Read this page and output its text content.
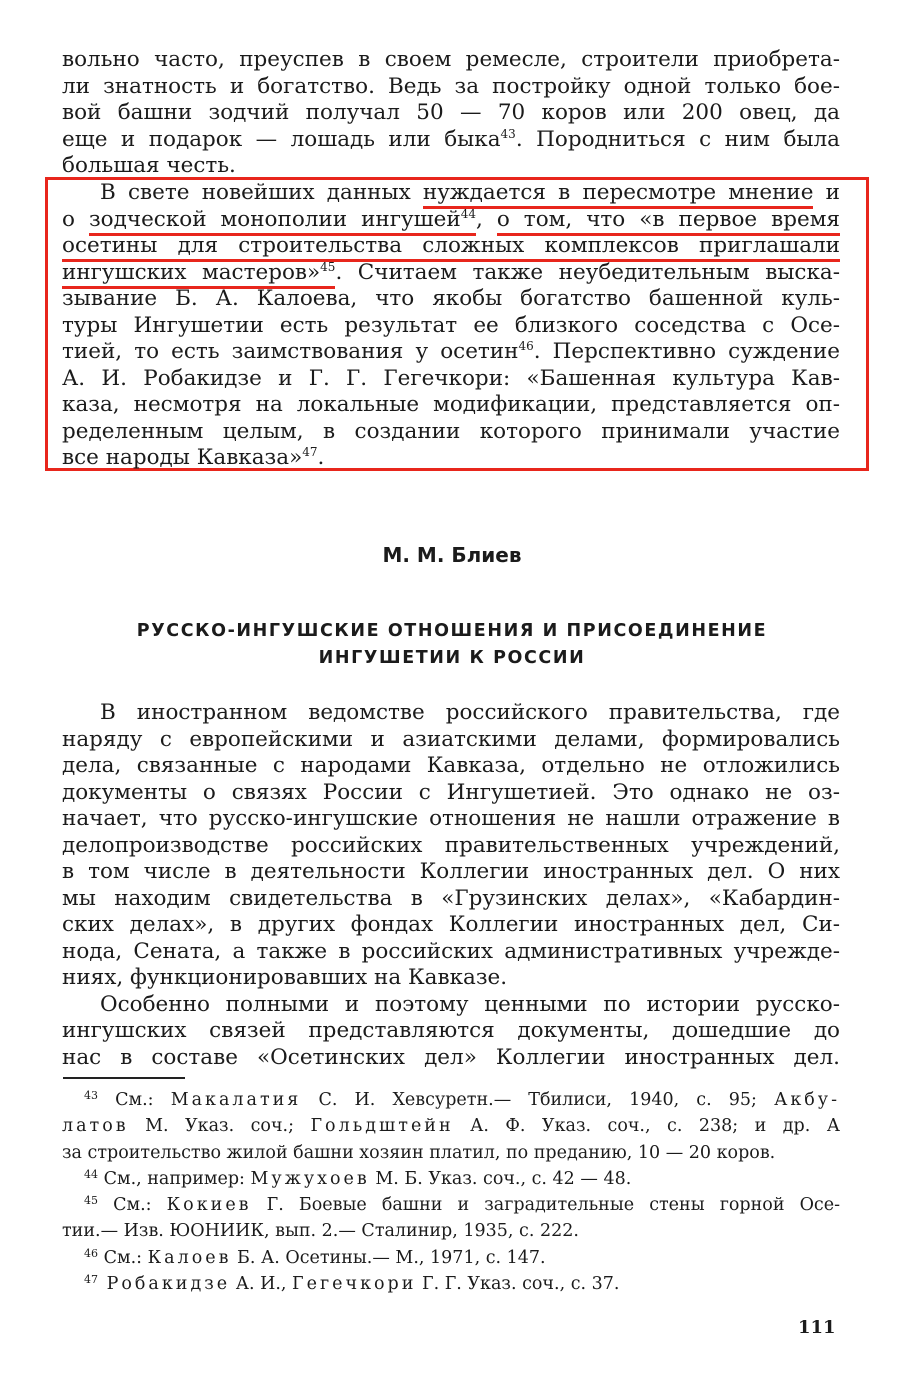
вольно часто, преуспев в своем ремесле, строители приобрета-
ли знатность и богатство. Ведь за постройку одной только бое-
вой башни зодчий получал 50 — 70 коров или 200 овец, да
еще и подарок — лошадь или быка$^{43}$. Породниться с ним была
большая честь.
В свете новейших данных нуждается в пересмотре мнение и
о зодческой монополии ингушей$^{44}$, о том, что «в первое время
осетины для строительства сложных комплексов приглашали
ингушских мастеров»$^{45}$. Считаем также неубедительным выска-
зывание Б. А. Калоева, что якобы богатство башенной куль-
туры Ингушетии есть результат ее близкого соседства с Осе-
тией, то есть заимствования у осетин$^{46}$. Перспективно суждение
А. И. Робакидзе и Г. Г. Гегечкори: «Башенная культура Кав-
каза, несмотря на локальные модификации, представляется оп-
ределенным целым, в создании которого принимали участие
все народы Кавказа»$^{47}$.
М. М. Блиев
РУССКО-ИНГУШСКИЕ ОТНОШЕНИЯ И ПРИСОЕДИНЕНИЕ
ИНГУШЕТИИ К РОССИИ
В иностранном ведомстве российского правительства, где
наряду с европейскими и азиатскими делами, формировались
дела, связанные с народами Кавказа, отдельно не отложились
документы о связях России с Ингушетией. Это однако не оз-
начает, что русско-ингушские отношения не нашли отражение в
делопроизводстве российских правительственных учреждений,
в том числе в деятельности Коллегии иностранных дел. О них
мы находим свидетельства в «Грузинских делах», «Кабардин-
ских делах», в других фондах Коллегии иностранных дел, Си-
нода, Сената, а также в российских административных учрежде-
ниях, функционировавших на Кавказе.
Особенно полными и поэтому ценными по истории русско-
ингушских связей представляются документы, дошедшие до
нас в составе «Осетинских дел» Коллегии иностранных дел.
$^{43}$ См.: Макалатия С. И. Хевсуретн.— Тбилиси, 1940, с. 95; Акбу-
латов М. Указ. соч.; Гольдштейн А. Ф. Указ. соч., с. 238; и др. А
за строительство жилой башни хозяин платил, по преданию, 10 — 20 коров.
$^{44}$ См., например: Мужухоев М. Б. Указ. соч., с. 42 — 48.
$^{45}$ См.: Кокиев Г. Боевые башни и заградительные стены горной Осе-
тии.— Изв. ЮОНИИК, вып. 2.— Сталинир, 1935, с. 222.
$^{46}$ См.: Калоев Б. А. Осетины.— М., 1971, с. 147.
$^{47}$ Робакидзе А. И., Гегечкори Г. Г. Указ. соч., с. 37.
111
